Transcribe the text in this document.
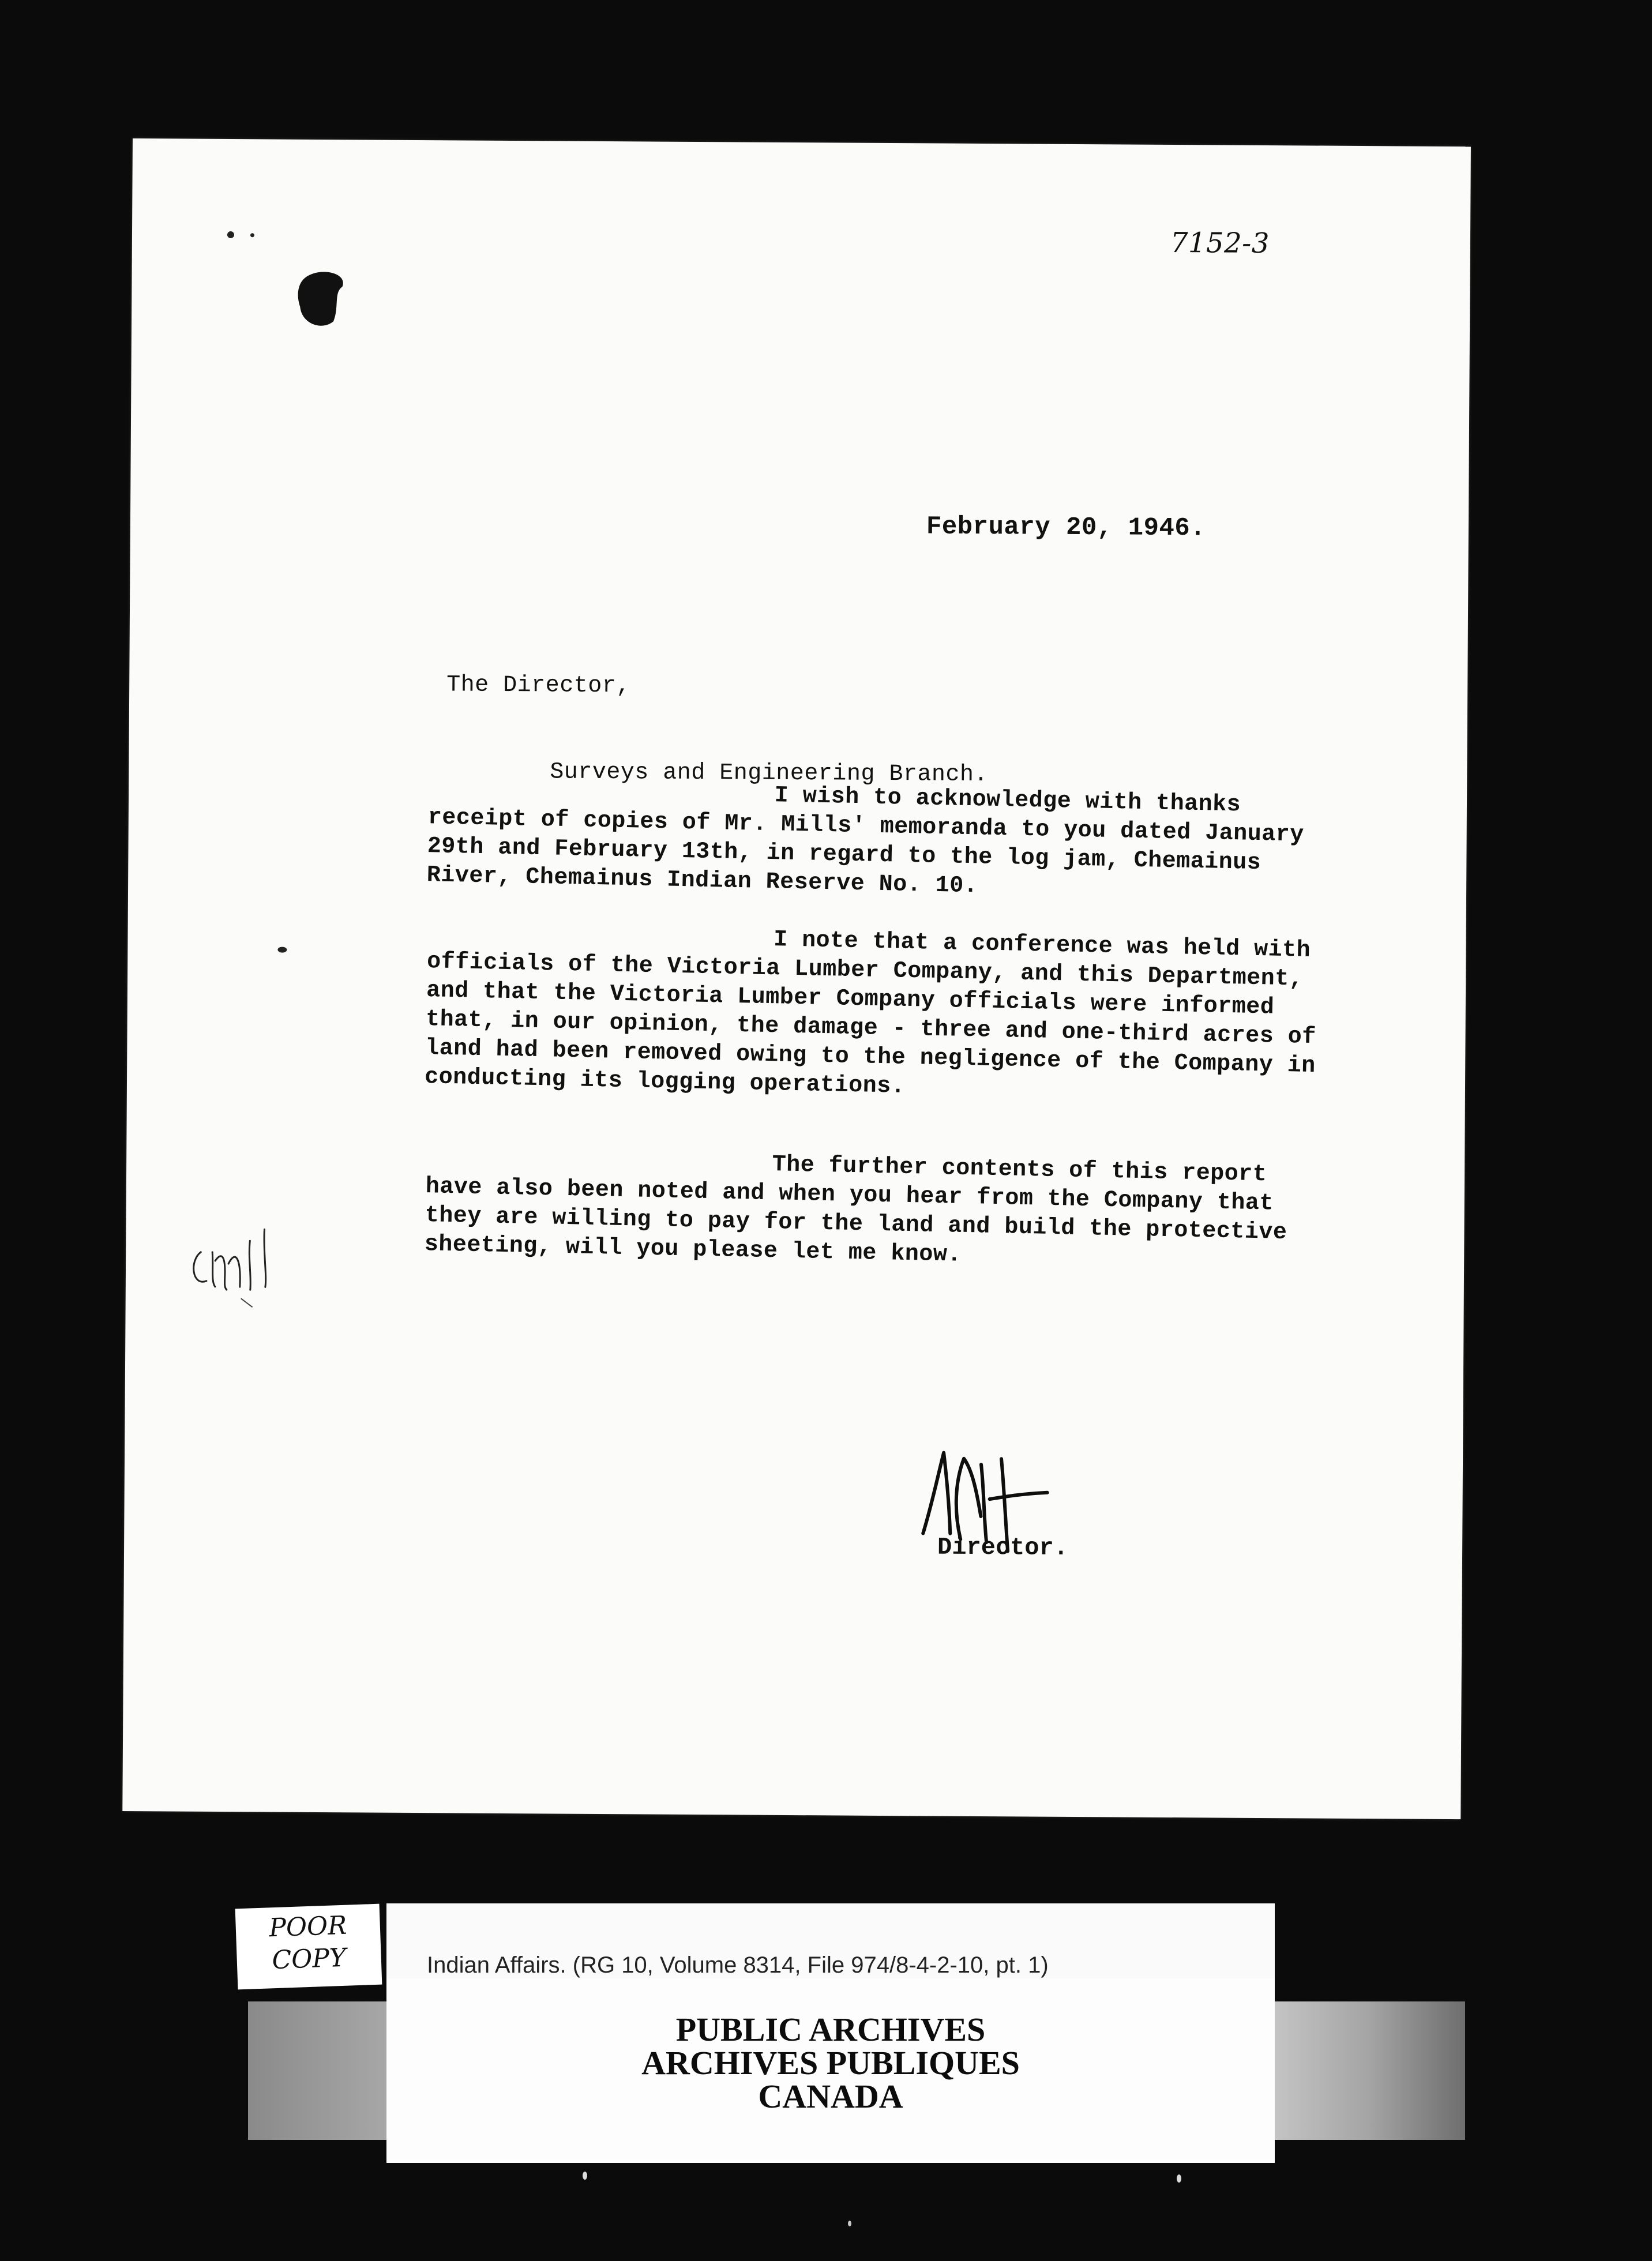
7152-3
February 20, 1946.

The Director,

Surveys and Engineering Branch.

I wish to acknowledge with thanks receipt of copies of Mr. Mills' memoranda to you dated January 29th and February 13th, in regard to the log jam, Chemainus River, Chemainus Indian Reserve No. 10.
I note that a conference was held with officials of the Victoria Lumber Company, and this Department, and that the Victoria Lumber Company officials were informed that, in our opinion, the damage - three and one-third acres of land had been removed owing to the negligence of the Company in conducting its logging operations.
The further contents of this report have also been noted and when you hear from the Company that they are willing to pay for the land and build the protective sheeting, will you please let me know.
Director.
POOR
COPY	Indian Affairs. (RG 10, Volume 8314, File 974/8-4-2-10, pt. 1)
PUBLIC ARCHIVES
ARCHIVES PUBLIQUES
CANADA
